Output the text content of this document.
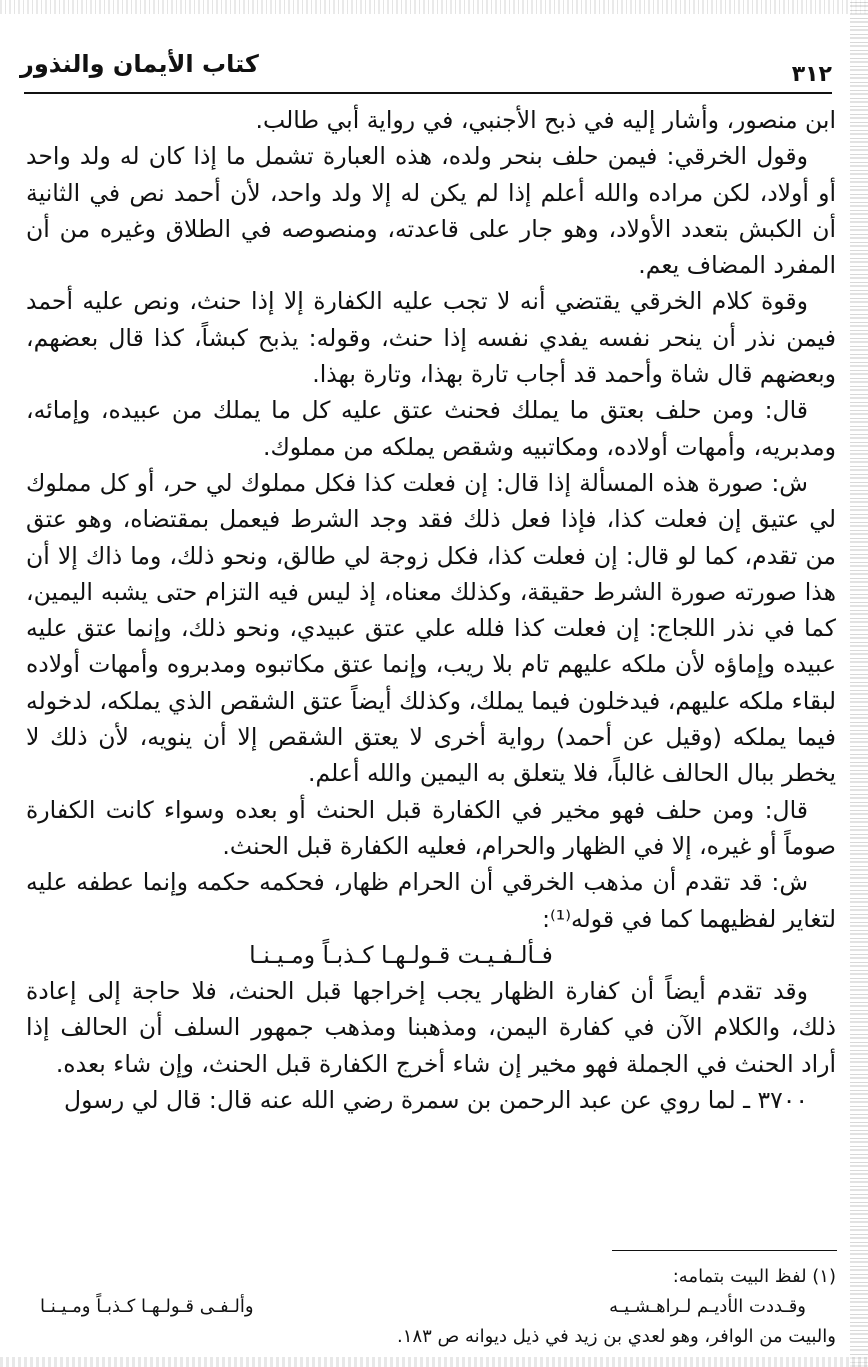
٣١٢
كتاب الأيمان والنذور

ابن منصور، وأشار إليه في ذبح الأجنبي، في رواية أبي طالب.

وقول الخرقي: فيمن حلف بنحر ولده، هذه العبارة تشمل ما إذا كان له ولد واحد أو أولاد، لكن مراده والله أعلم إذا لم يكن له إلا ولد واحد، لأن أحمد نص في الثانية أن الكبش بتعدد الأولاد، وهو جار على قاعدته، ومنصوصه في الطلاق وغيره من أن المفرد المضاف يعم.

وقوة كلام الخرقي يقتضي أنه لا تجب عليه الكفارة إلا إذا حنث، ونص عليه أحمد فيمن نذر أن ينحر نفسه يفدي نفسه إذا حنث، وقوله: يذبح كبشاً، كذا قال بعضهم، وبعضهم قال شاة وأحمد قد أجاب تارة بهذا، وتارة بهذا.

قال: ومن حلف بعتق ما يملك فحنث عتق عليه كل ما يملك من عبيده، وإمائه، ومدبريه، وأمهات أولاده، ومكاتبيه وشقص يملكه من مملوك.

ش: صورة هذه المسألة إذا قال: إن فعلت كذا فكل مملوك لي حر، أو كل مملوك لي عتيق إن فعلت كذا، فإذا فعل ذلك فقد وجد الشرط فيعمل بمقتضاه، وهو عتق من تقدم، كما لو قال: إن فعلت كذا، فكل زوجة لي طالق، ونحو ذلك، وما ذاك إلا أن هذا صورته صورة الشرط حقيقة، وكذلك معناه، إذ ليس فيه التزام حتى يشبه اليمين، كما في نذر اللجاج: إن فعلت كذا فلله علي عتق عبيدي، ونحو ذلك، وإنما عتق عليه عبيده وإماؤه لأن ملكه عليهم تام بلا ريب، وإنما عتق مكاتبوه ومدبروه وأمهات أولاده لبقاء ملكه عليهم، فيدخلون فيما يملك، وكذلك أيضاً عتق الشقص الذي يملكه، لدخوله فيما يملكه (وقيل عن أحمد) رواية أخرى لا يعتق الشقص إلا أن ينويه، لأن ذلك لا يخطر ببال الحالف غالباً، فلا يتعلق به اليمين والله أعلم.

قال: ومن حلف فهو مخير في الكفارة قبل الحنث أو بعده وسواء كانت الكفارة صوماً أو غيره، إلا في الظهار والحرام، فعليه الكفارة قبل الحنث.

ش: قد تقدم أن مذهب الخرقي أن الحرام ظهار، فحكمه حكمه وإنما عطفه عليه لتغاير لفظيهما كما في قوله⁽¹⁾:

فـألـفـيـت قـولـهـا كـذبـاً ومـيـنـا

وقد تقدم أيضاً أن كفارة الظهار يجب إخراجها قبل الحنث، فلا حاجة إلى إعادة ذلك، والكلام الآن في كفارة اليمن، ومذهبنا ومذهب جمهور السلف أن الحالف إذا أراد الحنث في الجملة فهو مخير إن شاء أخرج الكفارة قبل الحنث، وإن شاء بعده.

٣٧٠٠ ـ لما روي عن عبد الرحمن بن سمرة رضي الله عنه قال: قال لي رسول

(١) لفظ البيت بتمامه:

وقـددت الأديـم لـراهـشـيـه
وألـفـى قـولـهـا كـذبـاً ومـيـنـا

والبيت من الوافر، وهو لعدي بن زيد في ذيل ديوانه ص ١٨٣.
